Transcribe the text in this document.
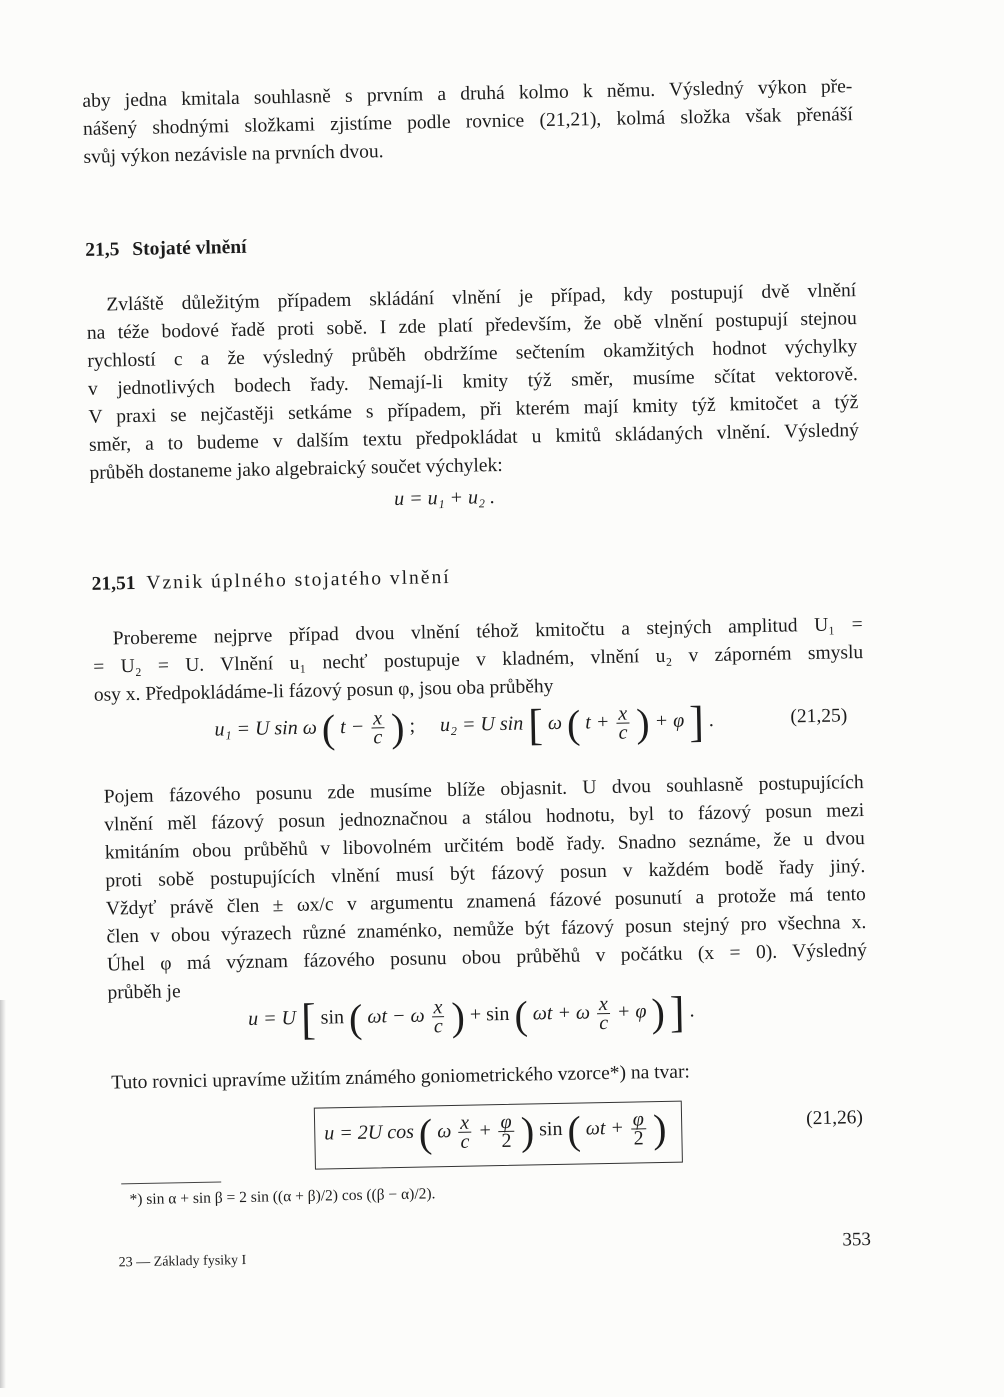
aby jedna kmitala souhlasně s prvním a druhá kolmo k němu. Výsledný výkon pře-
nášený shodnými složkami zjistíme podle rovnice (21,21), kolmá složka však přenáší
svůj výkon nezávisle na prvních dvou.
21,5 Stojaté vlnění
Zvláště důležitým případem skládání vlnění je případ, kdy postupují dvě vlnění
na téže bodové řadě proti sobě. I zde platí především, že obě vlnění postupují stejnou
rychlostí c a že výsledný průběh obdržíme sečtením okamžitých hodnot výchylky
v jednotlivých bodech řady. Nemají-li kmity týž směr, musíme sčítat vektorově.
V praxi se nejčastěji setkáme s případem, při kterém mají kmity týž kmitočet a týž
směr, a to budeme v dalším textu předpokládat u kmitů skládaných vlnění. Výsledný
průběh dostaneme jako algebraický součet výchylek:
u = u₁ + u₂ .
21,51 Vznik úplného stojatého vlnění
Probereme nejprve případ dvou vlnění téhož kmitočtu a stejných amplitud U₁ =
= U₂ = U. Vlnění u₁ nechť postupuje v kladném, vlnění u₂ v záporném smyslu
osy x. Předpokládáme-li fázový posun φ, jsou oba průběhy
u₁ = U sin ω ( $t - \frac{x}{c}$ ) ; u₂ = U sin [ ω ( $t + \frac{x}{c}$ ) + φ ] .	(21,25)
Pojem fázového posunu zde musíme blíže objasnit. U dvou souhlasně postupujících
vlnění měl fázový posun jednoznačnou a stálou hodnotu, byl to fázový posun mezi
kmitáním obou průběhů v libovolném určitém bodě řady. Snadno seznáme, že u dvou
proti sobě postupujících vlnění musí být fázový posun v každém bodě řady jiný.
Vždyť právě člen ± ωx/c v argumentu znamená fázové posunutí a protože má tento
člen v obou výrazech různé znaménko, nemůže být fázový posun stejný pro všechna x.
Úhel φ má význam fázového posunu obou průběhů v počátku (x = 0). Výsledný
průběh je
u = U [ sin ( ωt − ω $\frac{x}{c}$ ) + sin ( ωt + ω $\frac{x}{c} + \varphi$ ) ] .
Tuto rovnici upravíme užitím známého goniometrického vzorce*) na tvar:
u = 2U cos ( ω $\frac{x}{c} + \frac{\varphi}{2}$ ) sin ( $\omega t + \frac{\varphi}{2}$ )	(21,26)
*) sin α + sin β = 2 sin ((α + β)/2) cos ((β − α)/2).
23 — Základy fysiky I
353
